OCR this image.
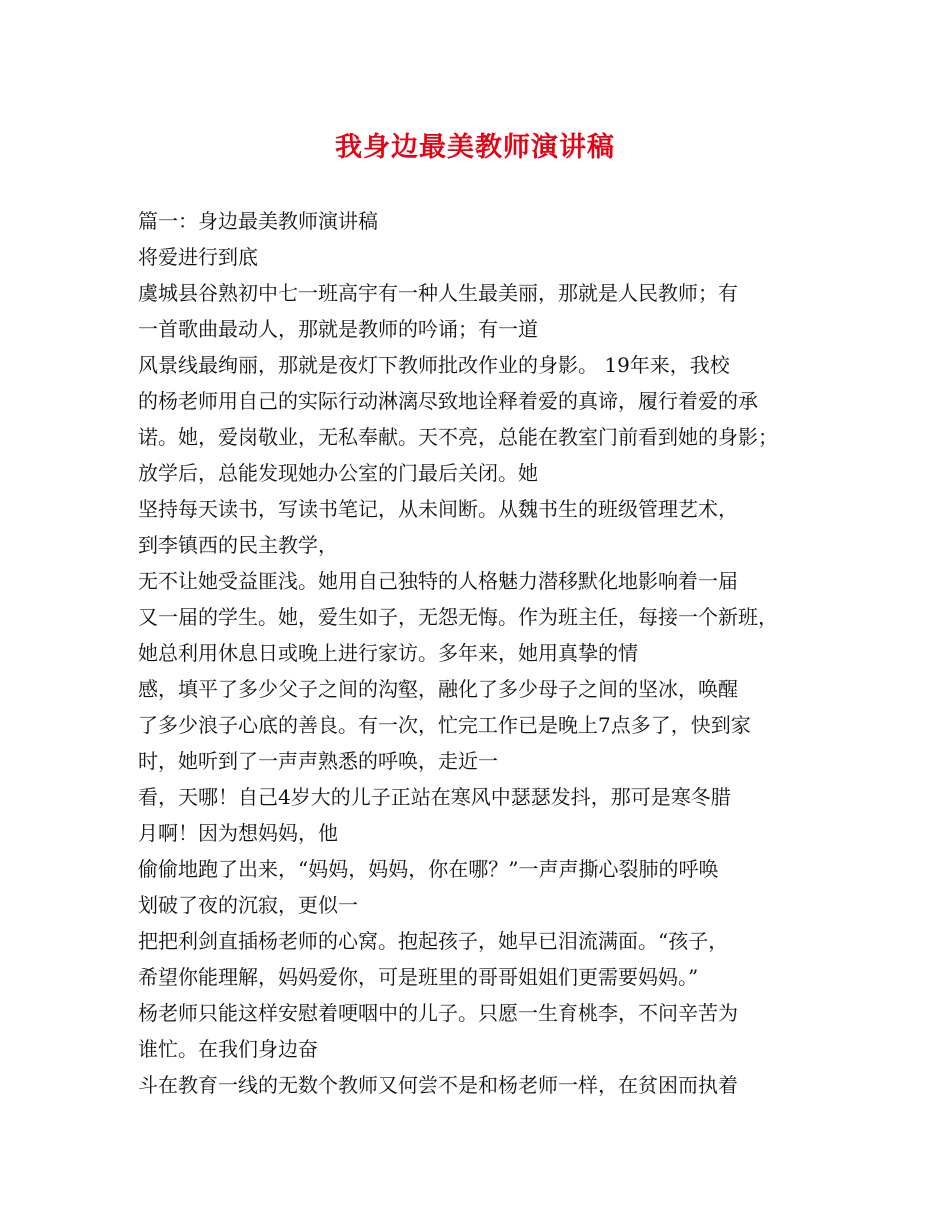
我身边最美教师演讲稿
篇一：身边最美教师演讲稿
将爱进行到底
虞城县谷熟初中七一班高宇有一种人生最美丽，那就是人民教师；有
一首歌曲最动人，那就是教师的吟诵；有一道
风景线最绚丽，那就是夜灯下教师批改作业的身影。 19年来，我校
的杨老师用自己的实际行动淋漓尽致地诠释着爱的真谛，履行着爱的承
诺。她，爱岗敬业，无私奉献。天不亮，总能在教室门前看到她的身影；
放学后，总能发现她办公室的门最后关闭。她
坚持每天读书，写读书笔记，从未间断。从魏书生的班级管理艺术，
到李镇西的民主教学，
无不让她受益匪浅。她用自己独特的人格魅力潜移默化地影响着一届
又一届的学生。她，爱生如子，无怨无悔。作为班主任，每接一个新班，
她总利用休息日或晚上进行家访。多年来，她用真挚的情
感，填平了多少父子之间的沟壑，融化了多少母子之间的坚冰，唤醒
了多少浪子心底的善良。有一次，忙完工作已是晚上7点多了，快到家
时，她听到了一声声熟悉的呼唤，走近一
看，天哪！自己4岁大的儿子正站在寒风中瑟瑟发抖，那可是寒冬腊
月啊！因为想妈妈，他
偷偷地跑了出来，“妈妈，妈妈，你在哪？”一声声撕心裂肺的呼唤
划破了夜的沉寂，更似一
把把利剑直插杨老师的心窝。抱起孩子，她早已泪流满面。“孩子，
希望你能理解，妈妈爱你，可是班里的哥哥姐姐们更需要妈妈。”
杨老师只能这样安慰着哽咽中的儿子。只愿一生育桃李，不问辛苦为
谁忙。在我们身边奋
斗在教育一线的无数个教师又何尝不是和杨老师一样，在贫困而执着
